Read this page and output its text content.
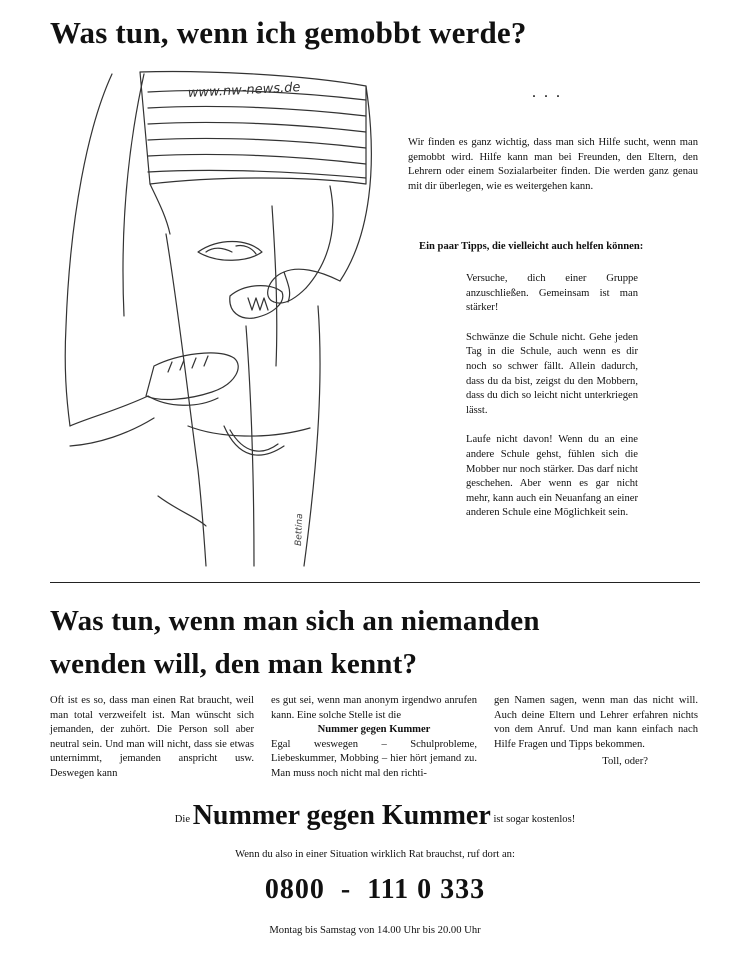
Was tun, wenn ich gemobbt werde?
www.nw-news.de
Bettina
. . .

Wir finden es ganz wichtig, dass man sich Hilfe sucht, wenn man gemobbt wird. Hilfe kann man bei Freunden, den Eltern, den Lehrern oder einem Sozialarbeiter finden. Die werden ganz genau mit dir überlegen, wie es weitergehen kann.

Ein paar Tipps, die vielleicht auch helfen können:

Versuche, dich einer Gruppe anzuschließen. Gemeinsam ist man stärker!

Schwänze die Schule nicht. Gehe jeden Tag in die Schule, auch wenn es dir noch so schwer fällt. Allein dadurch, dass du da bist, zeigst du den Mobbern, dass du dich so leicht nicht unterkriegen lässt.

Laufe nicht davon! Wenn du an eine andere Schule gehst, fühlen sich die Mobber nur noch stärker. Das darf nicht geschehen. Aber wenn es gar nicht mehr, kann auch ein Neuanfang an einer anderen Schule eine Möglichkeit sein.

Was tun, wenn man sich an niemanden
wenden will, den man kennt?

Oft ist es so, dass man einen Rat braucht, weil man total verzweifelt ist. Man wünscht sich jemanden, der zuhört. Die Person soll aber neutral sein. Und man will nicht, dass sie etwas unternimmt, jemanden anspricht usw. Deswegen kann

es gut sei, wenn man anonym irgendwo anrufen kann. Eine solche Stelle ist die

Nummer gegen Kummer

Egal weswegen – Schulprobleme, Liebeskummer, Mobbing – hier hört jemand zu. Man muss noch nicht mal den richti-

gen Namen sagen, wenn man das nicht will. Auch deine Eltern und Lehrer erfahren nichts von dem Anruf. Und man kann einfach nach Hilfe Fragen und Tipps bekommen.

Toll, oder?

Die Nummer gegen Kummer ist sogar kostenlos!

Wenn du also in einer Situation wirklich Rat brauchst, ruf dort an:

0800  -  111 0 333

Montag bis Samstag von 14.00 Uhr bis 20.00 Uhr
